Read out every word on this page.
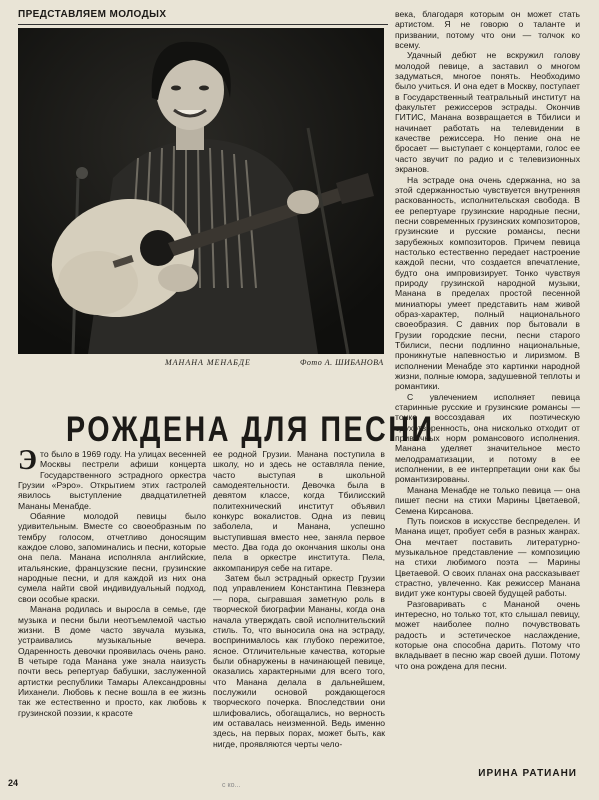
ПРЕДСТАВЛЯЕМ МОЛОДЫХ
МАНАНА МЕНАБДЕ	Фото А. ШИБАНОВА
РОЖДЕНА ДЛЯ ПЕСНИ

Это было в 1969 году. На улицах весенней Москвы пестрели афиши концерта Государственного эстрадного оркестра Грузии «Рэро». Открытием этих гастролей явилось выступление двадцатилетней Мананы Менабде.

Обаяние молодой певицы было удивительным. Вместе со своеобразным по тембру голосом, отчетливо доносящим каждое слово, запоминались и песни, которые она пела. Манана исполняла английские, итальянские, французские песни, грузинские народные песни, и для каждой из них она сумела найти свой индивидуальный подход, свои особые краски.

Манана родилась и выросла в семье, где музыка и песни были неотъемлемой частью жизни. В доме часто звучала музыка, устраивались музыкальные вечера. Одаренность девочки проявилась очень рано. В четыре года Манана уже знала наизусть почти весь репертуар бабушки, заслуженной артистки республики Тамары Александровны Ииханели. Любовь к песне вошла в ее жизнь так же естественно и просто, как любовь к грузинской поэзии, к красоте

ее родной Грузии. Манана поступила в школу, но и здесь не оставляла пение, часто выступая в школьной самодеятельности. Девочка была в девятом классе, когда Тбилисский политехнический институт объявил конкурс вокалистов. Одна из певиц заболела, и Манана, успешно выступившая вместо нее, заняла первое место. Два года до окончания школы она пела в оркестре института. Пела, аккомпанируя себе на гитаре.

Затем был эстрадный оркестр Грузии под управлением Константина Певзнера — пора, сыгравшая заметную роль в творческой биографии Мананы, когда она начала утверждать свой исполнительский стиль. То, что выносила она на эстраду, воспринималось как глубоко пережитое, ясное. Отличительные качества, которые были обнаружены в начинающей певице, оказались характерными для всего того, что Манана делала в дальнейшем, послужили основой рождающегося творческого почерка. Впоследствии они шлифовались, обогащались, но верность им оставалась неизменной. Ведь именно здесь, на первых порах, может быть, как нигде, проявляются черты чело-

века, благодаря которым он может стать артистом. Я не говорю о таланте и призвании, потому что они — толчок ко всему.

Удачный дебют не вскружил голову молодой певице, а заставил о многом задуматься, многое понять. Необходимо было учиться. И она едет в Москву, поступает в Государственный театральный институт на факультет режиссеров эстрады. Окончив ГИТИС, Манана возвращается в Тбилиси и начинает работать на телевидении в качестве режиссера. Но пение она не бросает — выступает с концертами, голос ее часто звучит по радио и с телевизионных экранов.

На эстраде она очень сдержанна, но за этой сдержанностью чувствуется внутренняя раскованность, исполнительская свобода. В ее репертуаре грузинские народные песни, песни современных грузинских композиторов, грузинские и русские романсы, песни зарубежных композиторов. Причем певица настолько естественно передает настроение каждой песни, что создается впечатление, будто она импровизирует. Тонко чувствуя природу грузинской народной музыки, Манана в пределах простой песенной миниатюры умеет представить нам живой образ-характер, полный национального своеобразия. С давних пор бытовали в Грузии городские песни, песни старого Тбилиси, песни подлинно национальные, проникнутые напевностью и лиризмом. В исполнении Менабде это картинки народной жизни, полные юмора, задушевной теплоты и романтики.

С увлечением исполняет певица старинные русские и грузинские романсы — тонко воссоздавая их поэтическую одухотворенность, она нисколько отходит от привычных норм романсового исполнения. Манана уделяет значительное место мелодраматизации, и потому в ее исполнении, в ее интерпретации они как бы романтизированы.

Манана Менабде не только певица — она пишет песни на стихи Марины Цветаевой, Семена Кирсанова.

Путь поисков в искусстве беспределен. И Манана ищет, пробует себя в разных жанрах. Она мечтает поставить литературно-музыкальное представление — композицию на стихи любимого поэта — Марины Цветаевой. О своих планах она рассказывает страстно, увлеченно. Как режиссер Манана видит уже контуры своей будущей работы.

Разговаривать с Мананой очень интересно, но только тот, кто слышал певицу, может наиболее полно почувствовать радость и эстетическое наслаждение, которые она способна дарить. Потому что вкладывает в песню жар своей души. Потому что она рождена для песни.

ИРИНА РАТИАНИ
24	с ко...
